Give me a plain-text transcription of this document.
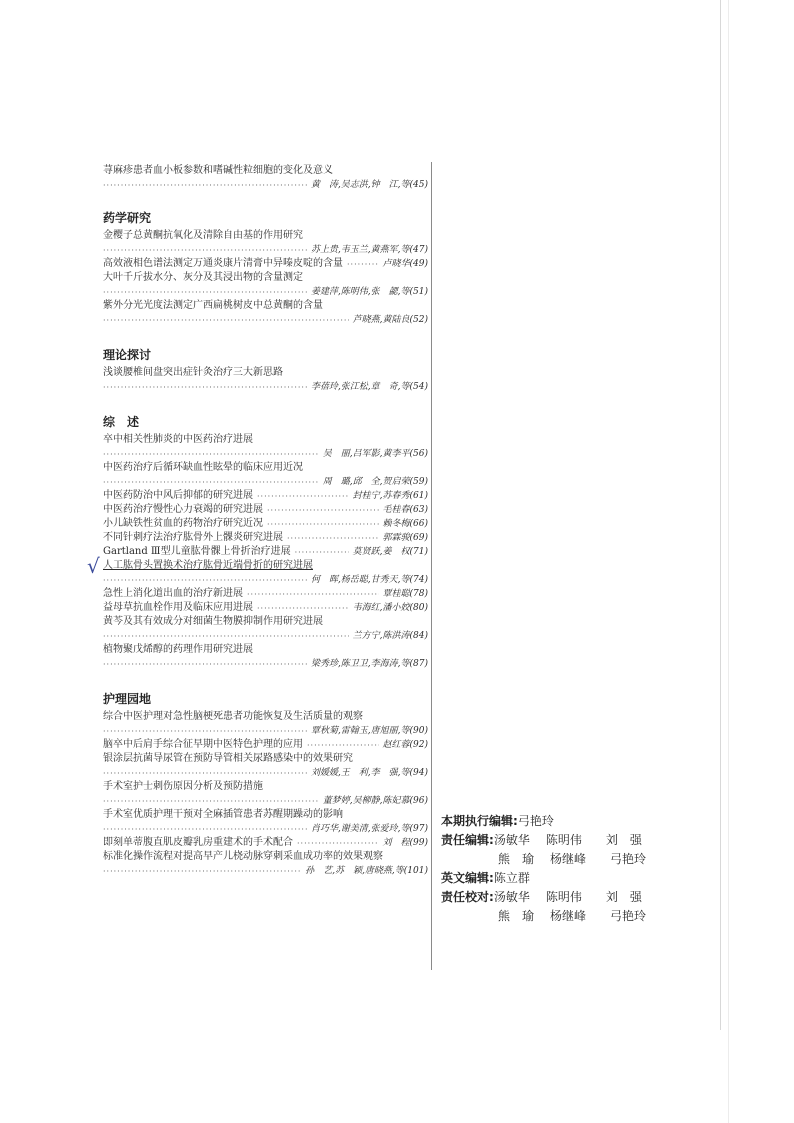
荨麻疹患者血小板参数和嗜碱性粒细胞的变化及意义
·····
黄　涛,吴志洪,钟　江,等(45)
药学研究
金樱子总黄酮抗氧化及清除自由基的作用研究
·····
苏上贵,韦玉兰,黄燕军,等(47)
高效液相色谱法测定万通炎康片清膏中异嗪皮啶的含量 ·····	卢晓华(49)
大叶千斤拔水分、灰分及其浸出物的含量测定
·····
姜建萍,陈明伟,张　勰,等(51)
紫外分光光度法测定广西扁桃树皮中总黄酮的含量
·····
芦晓燕,黄陆良(52)
理论探讨
浅谈腰椎间盘突出症针灸治疗三大新思路
·····
李蓓玲,张江松,章　奇,等(54)
综　述
卒中相关性肺炎的中医药治疗进展
·····
吴　丽,吕军影,黄李平(56)
中医药治疗后循环缺血性眩晕的临床应用近况
·····
周　璐,邱　全,贺启荣(59)
中医药防治中风后抑郁的研究进展 ·····	封桂宁,苏春秀(61)
中医药治疗慢性心力衰竭的研究进展 ·····	毛桂春(63)
小儿缺铁性贫血的药物治疗研究近况 ·····	赖冬梅(66)
不同针刺疗法治疗肱骨外上髁炎研究进展 ·····	郭霖骏(69)
Gartland Ⅲ型儿童肱骨髁上骨折治疗进展 ·····	莫贤跃,姜　权(71)
√ 人工肱骨头置换术治疗肱骨近端骨折的研究进展
·····
何　晖,杨岳聪,甘秀天,等(74)
急性上消化道出血的治疗新进展 ·····	覃桂聪(78)
益母草抗血栓作用及临床应用进展 ·····	韦海红,潘小姣(80)
黄芩及其有效成分对细菌生物膜抑制作用研究进展
·····
兰方宁,陈洪涛(84)
植物聚戊烯醇的药理作用研究进展
·····
梁秀珍,陈卫卫,李海涛,等(87)
护理园地
综合中医护理对急性脑梗死患者功能恢复及生活质量的观察
·····
覃秋菊,雷翰玉,唐旭丽,等(90)
脑卒中后肩手综合征早期中医特色护理的应用 ·····	赵红蓉(92)
银涂层抗菌导尿管在预防导管相关尿路感染中的效果研究
·····
刘媛媛,王　利,李　强,等(94)
手术室护士刺伤原因分析及预防措施
·····
董梦婷,吴柳静,陈妃慕(96)
手术室优质护理干预对全麻插管患者苏醒期躁动的影响
·····
肖巧华,谢美清,张爱玲,等(97)
即刻单蒂腹直肌皮瓣乳房重建术的手术配合 ·····	刘　程(99)
标准化操作流程对提高早产儿桡动脉穿刺采血成功率的效果观察
·····
孙　艺,苏　颖,唐晓燕,等(101)
本期执行编辑: 弓艳玲
责任编辑: 汤敏华	陈明伟	刘　强
熊　瑜	杨继峰	弓艳玲
英文编辑: 陈立群
责任校对: 汤敏华	陈明伟	刘　强
熊　瑜	杨继峰	弓艳玲
